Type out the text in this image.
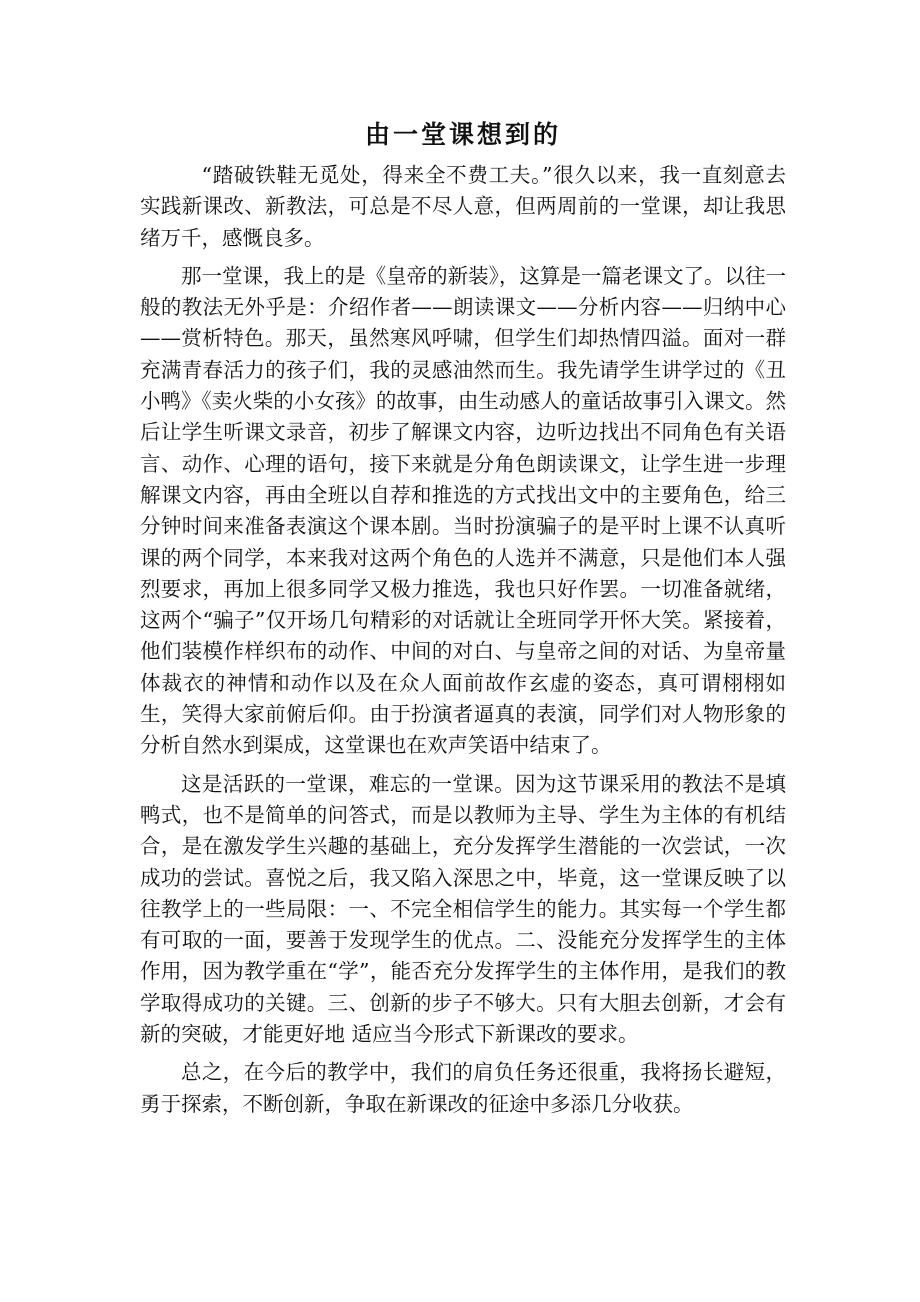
由一堂课想到的

“踏破铁鞋无觅处，得来全不费工夫。”很久以来，我一直刻意去实践新课改、新教法，可总是不尽人意，但两周前的一堂课，却让我思绪万千，感慨良多。

那一堂课，我上的是《皇帝的新装》，这算是一篇老课文了。以往一般的教法无外乎是：介绍作者——朗读课文——分析内容——归纳中心——赏析特色。那天，虽然寒风呼啸，但学生们却热情四溢。面对一群充满青春活力的孩子们，我的灵感油然而生。我先请学生讲学过的《丑小鸭》《卖火柴的小女孩》的故事，由生动感人的童话故事引入课文。然后让学生听课文录音，初步了解课文内容，边听边找出不同角色有关语言、动作、心理的语句，接下来就是分角色朗读课文，让学生进一步理解课文内容，再由全班以自荐和推选的方式找出文中的主要角色，给三分钟时间来准备表演这个课本剧。当时扮演骗子的是平时上课不认真听课的两个同学，本来我对这两个角色的人选并不满意，只是他们本人强烈要求，再加上很多同学又极力推选，我也只好作罢。一切准备就绪，这两个“骗子”仅开场几句精彩的对话就让全班同学开怀大笑。紧接着，他们装模作样织布的动作、中间的对白、与皇帝之间的对话、为皇帝量体裁衣的神情和动作以及在众人面前故作玄虚的姿态，真可谓栩栩如生，笑得大家前俯后仰。由于扮演者逼真的表演，同学们对人物形象的分析自然水到渠成，这堂课也在欢声笑语中结束了。

这是活跃的一堂课，难忘的一堂课。因为这节课采用的教法不是填鸭式，也不是简单的问答式，而是以教师为主导、学生为主体的有机结合，是在激发学生兴趣的基础上，充分发挥学生潜能的一次尝试，一次成功的尝试。喜悦之后，我又陷入深思之中，毕竟，这一堂课反映了以往教学上的一些局限：一、不完全相信学生的能力。其实每一个学生都有可取的一面，要善于发现学生的优点。二、没能充分发挥学生的主体作用，因为教学重在“学”，能否充分发挥学生的主体作用，是我们的教学取得成功的关键。三、创新的步子不够大。只有大胆去创新，才会有新的突破，才能更好地 适应当今形式下新课改的要求。

总之，在今后的教学中，我们的肩负任务还很重，我将扬长避短，勇于探索，不断创新，争取在新课改的征途中多添几分收获。
